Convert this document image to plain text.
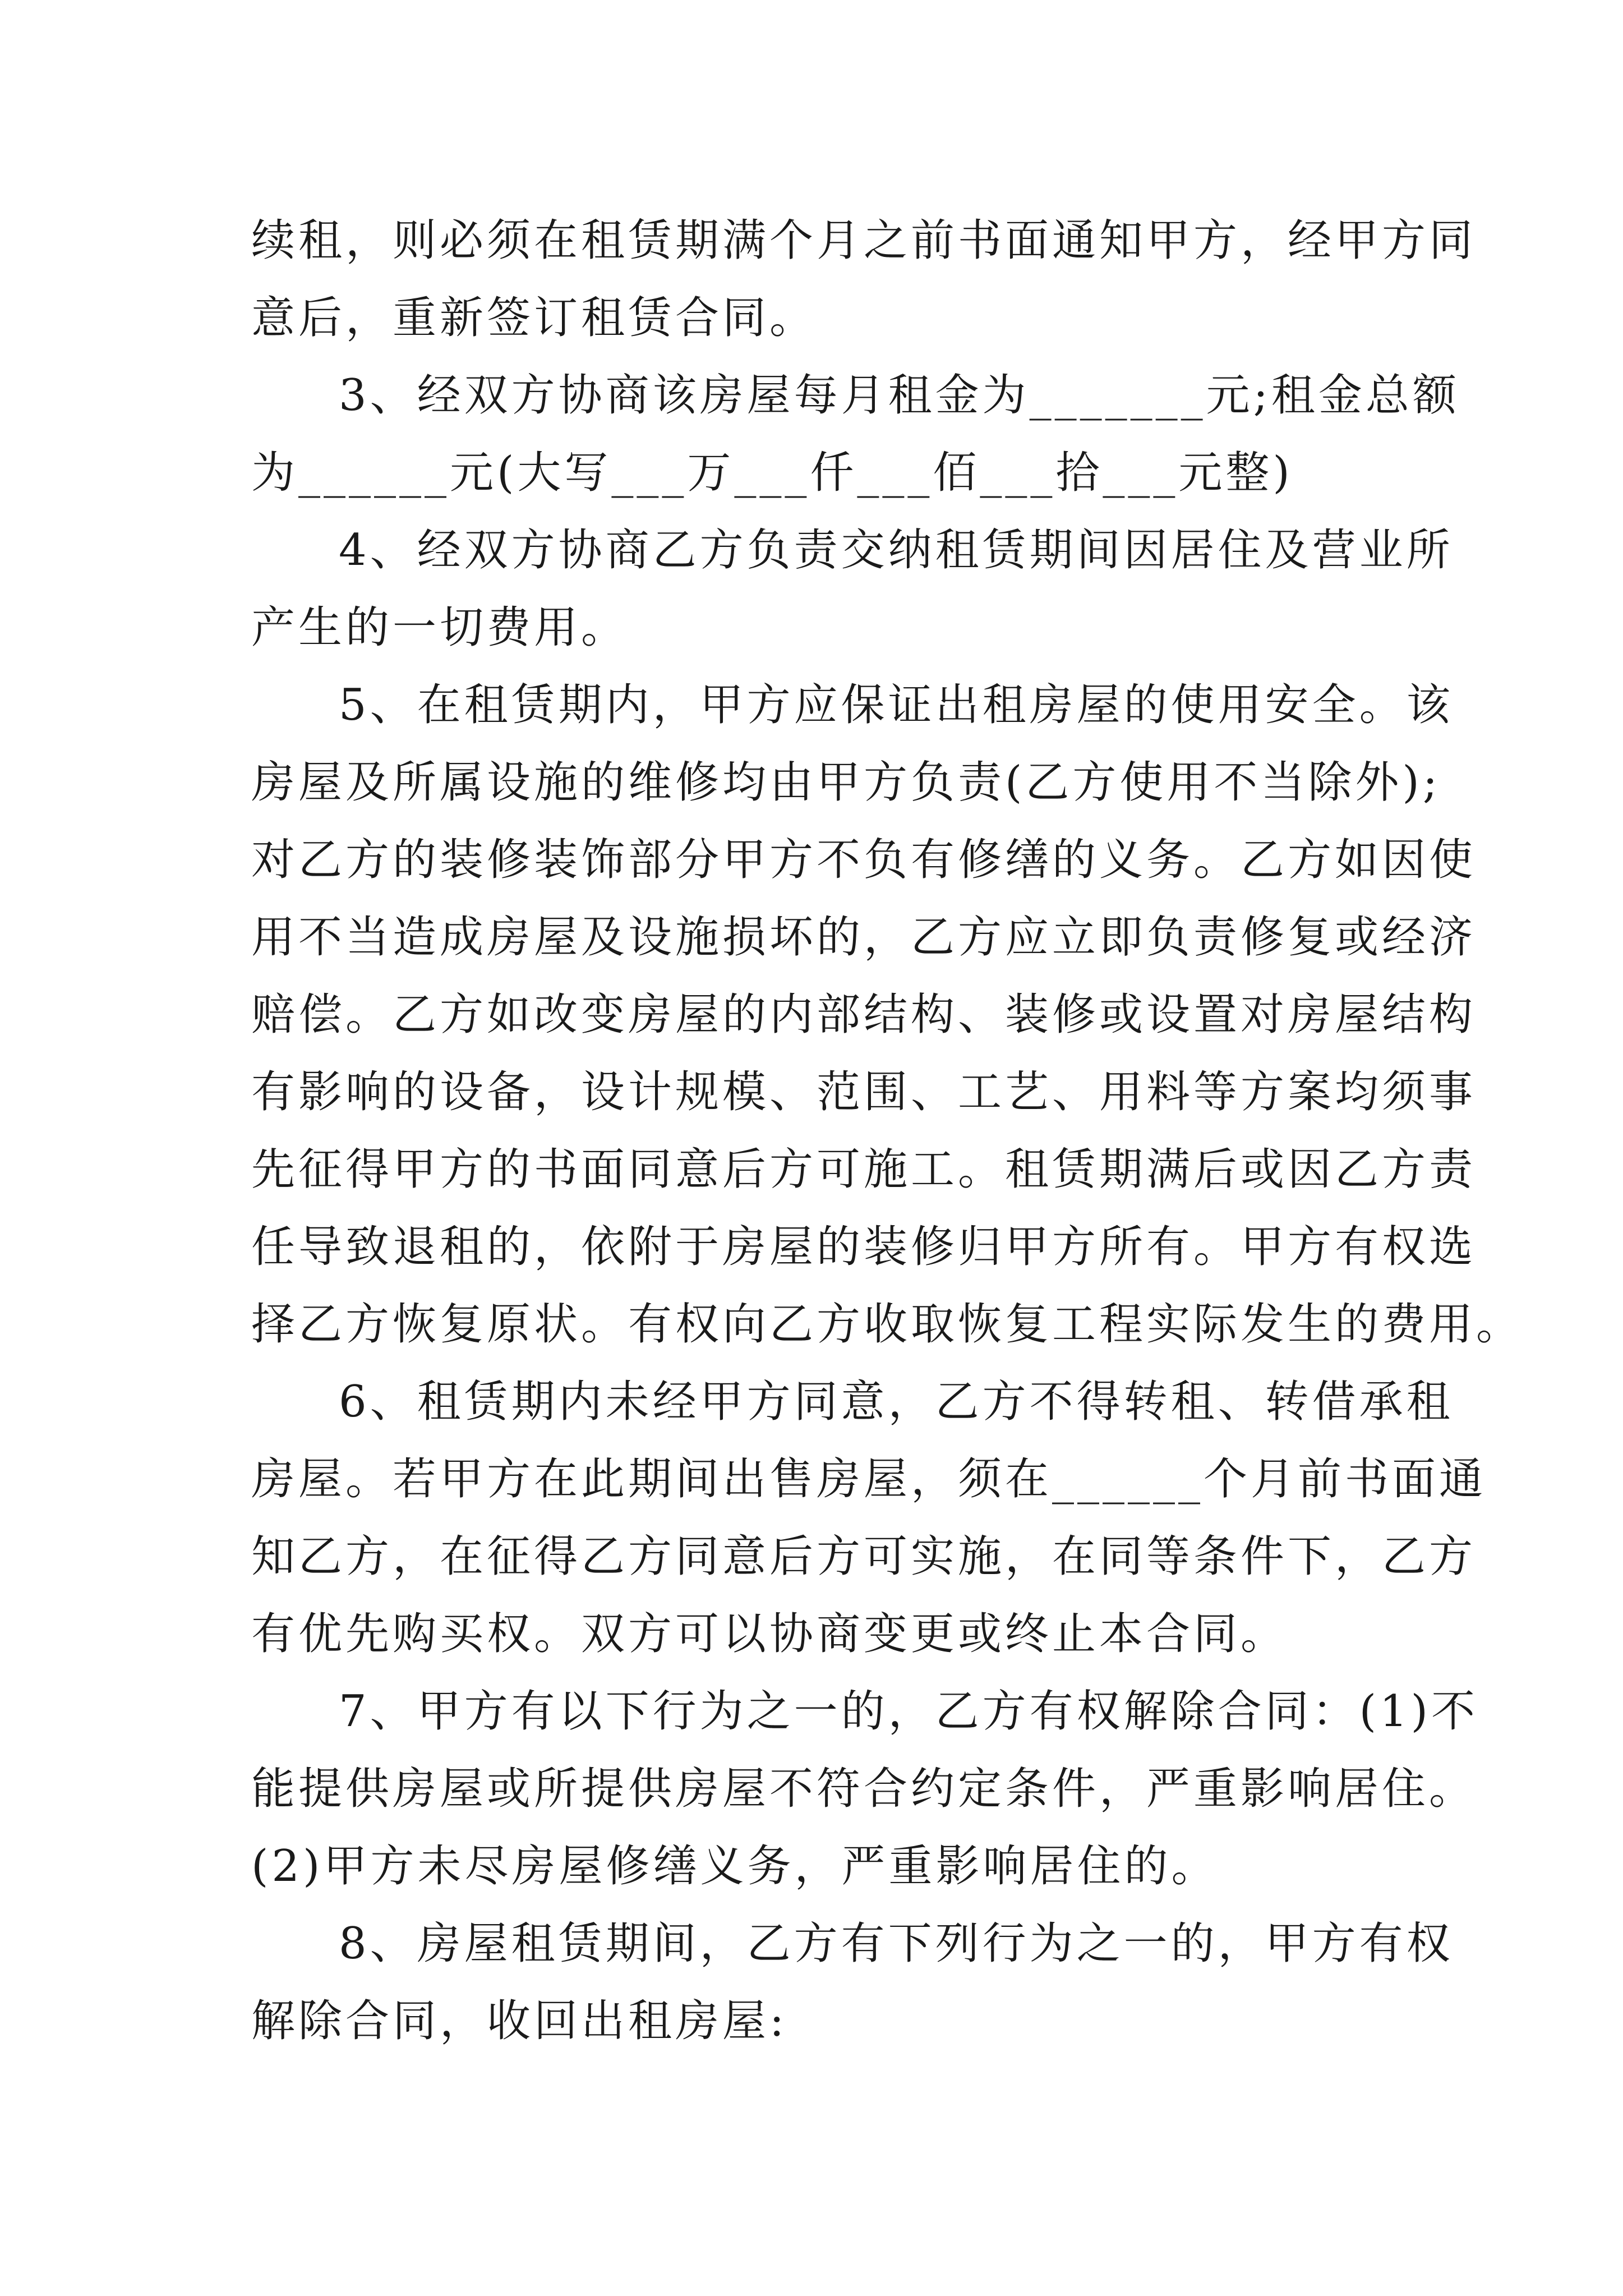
续租，则必须在租赁期满个月之前书面通知甲方，经甲方同
意后，重新签订租赁合同。
3、经双方协商该房屋每月租金为_______元;租金总额
为______元(大写___万___仟___佰___拾___元整)
4、经双方协商乙方负责交纳租赁期间因居住及营业所
产生的一切费用。
5、在租赁期内，甲方应保证出租房屋的使用安全。该
房屋及所属设施的维修均由甲方负责(乙方使用不当除外);
对乙方的装修装饰部分甲方不负有修缮的义务。乙方如因使
用不当造成房屋及设施损坏的，乙方应立即负责修复或经济
赔偿。乙方如改变房屋的内部结构、装修或设置对房屋结构
有影响的设备，设计规模、范围、工艺、用料等方案均须事
先征得甲方的书面同意后方可施工。租赁期满后或因乙方责
任导致退租的，依附于房屋的装修归甲方所有。甲方有权选
择乙方恢复原状。有权向乙方收取恢复工程实际发生的费用。
6、租赁期内未经甲方同意，乙方不得转租、转借承租
房屋。若甲方在此期间出售房屋，须在______个月前书面通
知乙方，在征得乙方同意后方可实施，在同等条件下，乙方
有优先购买权。双方可以协商变更或终止本合同。
7、甲方有以下行为之一的，乙方有权解除合同：(1)不
能提供房屋或所提供房屋不符合约定条件，严重影响居住。
(2)甲方未尽房屋修缮义务，严重影响居住的。
8、房屋租赁期间，乙方有下列行为之一的，甲方有权
解除合同，收回出租房屋:
